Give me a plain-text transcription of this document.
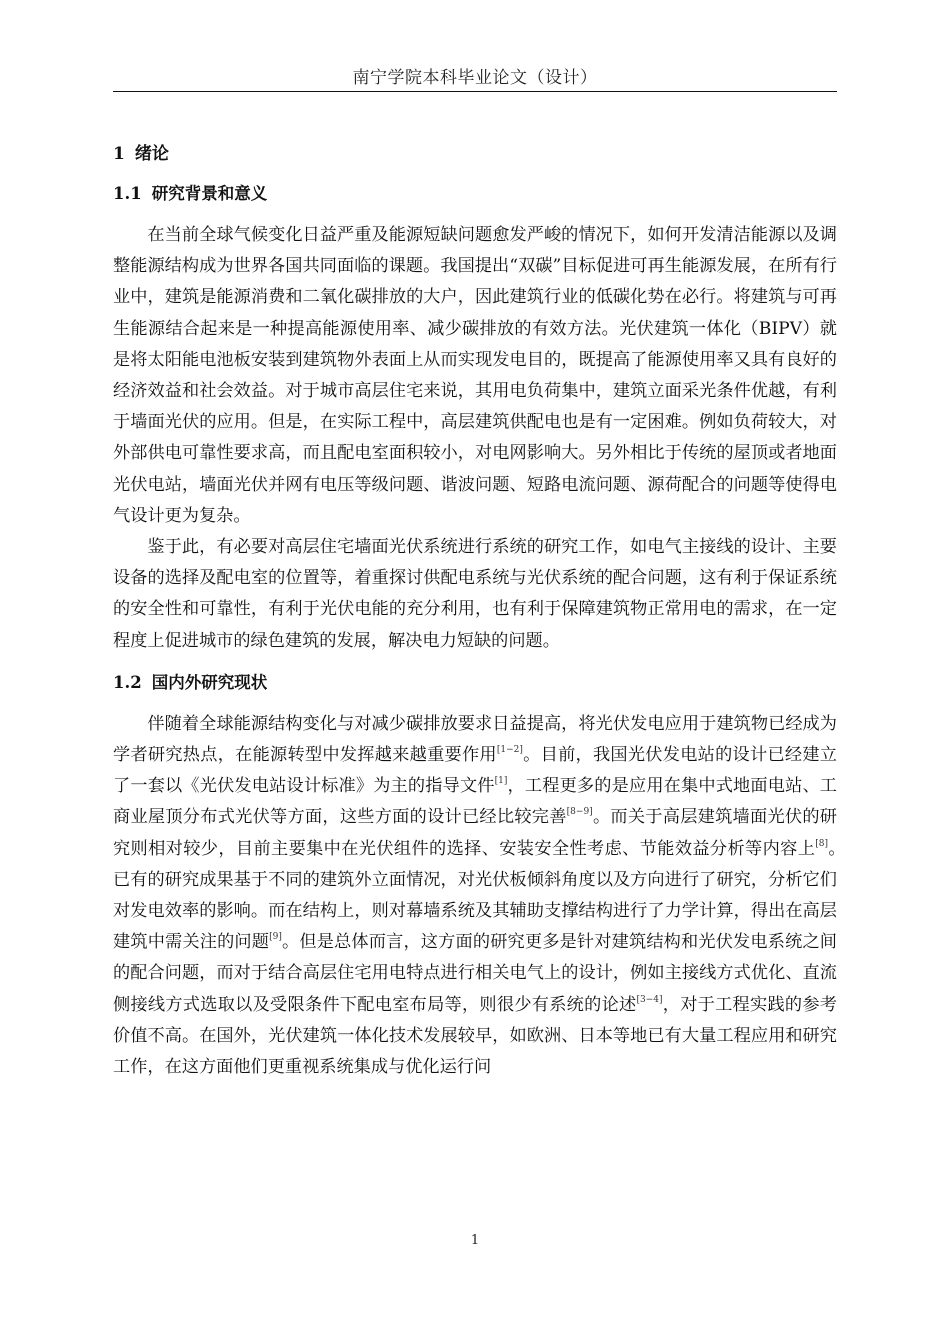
南宁学院本科毕业论文（设计）
1 绪论
1.1 研究背景和意义

在当前全球气候变化日益严重及能源短缺问题愈发严峻的情况下，如何开发清洁能源以及调整能源结构成为世界各国共同面临的课题。我国提出“双碳”目标促进可再生能源发展，在所有行业中，建筑是能源消费和二氧化碳排放的大户，因此建筑行业的低碳化势在必行。将建筑与可再生能源结合起来是一种提高能源使用率、减少碳排放的有效方法。光伏建筑一体化（BIPV）就是将太阳能电池板安装到建筑物外表面上从而实现发电目的，既提高了能源使用率又具有良好的经济效益和社会效益。对于城市高层住宅来说，其用电负荷集中，建筑立面采光条件优越，有利于墙面光伏的应用。但是，在实际工程中，高层建筑供配电也是有一定困难。例如负荷较大，对外部供电可靠性要求高，而且配电室面积较小，对电网影响大。另外相比于传统的屋顶或者地面光伏电站，墙面光伏并网有电压等级问题、谐波问题、短路电流问题、源荷配合的问题等使得电气设计更为复杂。

鉴于此，有必要对高层住宅墙面光伏系统进行系统的研究工作，如电气主接线的设计、主要设备的选择及配电室的位置等，着重探讨供配电系统与光伏系统的配合问题，这有利于保证系统的安全性和可靠性，有利于光伏电能的充分利用，也有利于保障建筑物正常用电的需求，在一定程度上促进城市的绿色建筑的发展，解决电力短缺的问题。

1.2 国内外研究现状

伴随着全球能源结构变化与对减少碳排放要求日益提高，将光伏发电应用于建筑物已经成为学者研究热点，在能源转型中发挥越来越重要作用[1−2]。目前，我国光伏发电站的设计已经建立了一套以《光伏发电站设计标准》为主的指导文件[1]，工程更多的是应用在集中式地面电站、工商业屋顶分布式光伏等方面，这些方面的设计已经比较完善[8−9]。而关于高层建筑墙面光伏的研究则相对较少，目前主要集中在光伏组件的选择、安装安全性考虑、节能效益分析等内容上[8]。　已有的研究成果基于不同的建筑外立面情况，对光伏板倾斜角度以及方向进行了研究，分析它们对发电效率的影响。而在结构上，则对幕墙系统及其辅助支撑结构进行了力学计算，得出在高层建筑中需关注的问题[9]。但是总体而言，这方面的研究更多是针对建筑结构和光伏发电系统之间的配合问题，而对于结合高层住宅用电特点进行相关电气上的设计，例如主接线方式优化、直流侧接线方式选取以及受限条件下配电室布局等，则很少有系统的论述[3−4]，对于工程实践的参考价值不高。在国外，光伏建筑一体化技术发展较早，如欧洲、日本等地已有大量工程应用和研究工作，在这方面他们更重视系统集成与优化运行问

1
